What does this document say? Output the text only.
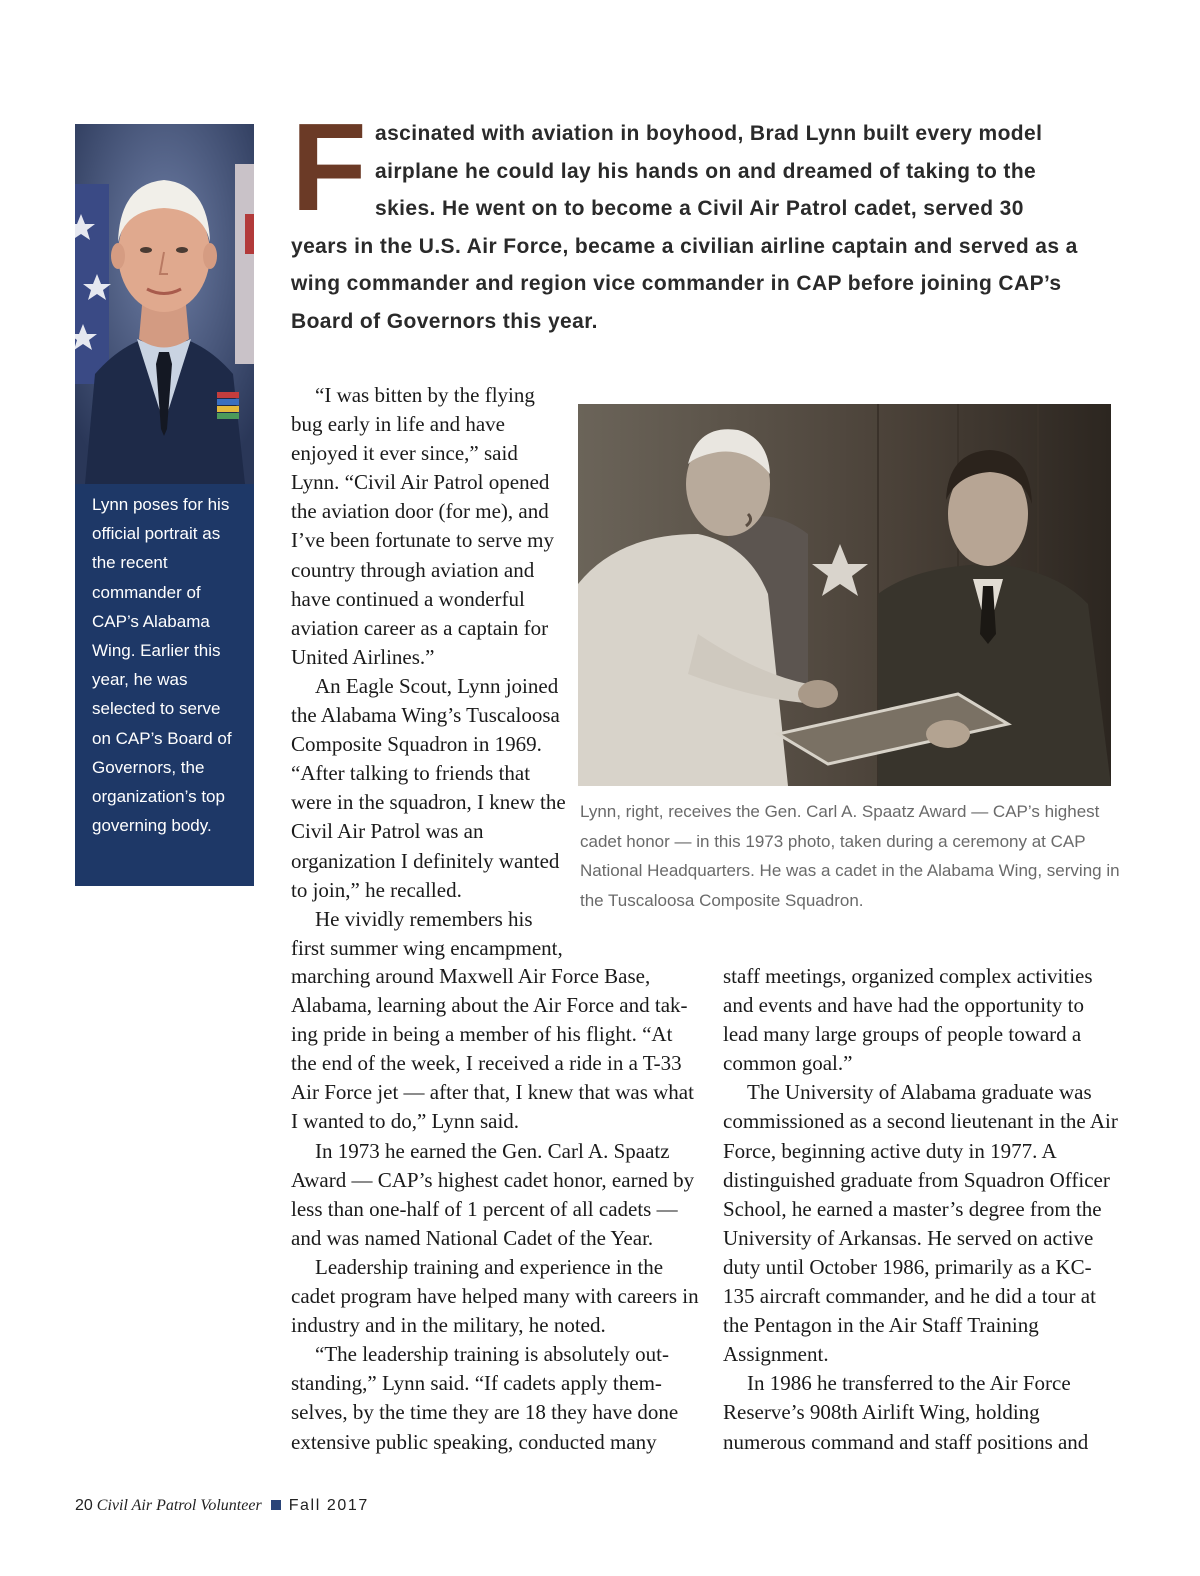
Lynn poses for his official portrait as the recent commander of CAP’s Alabama Wing. Earlier this year, he was selected to serve on CAP’s Board of Governors, the organization’s top governing body.

F ascinated with aviation in boyhood, Brad Lynn built every model
airplane he could lay his hands on and dreamed of taking to the
skies. He went on to become a Civil Air Patrol cadet, served 30
years in the U.S. Air Force, became a civilian airline captain and served as a
wing commander and region vice commander in CAP before joining CAP’s
Board of Governors this year.

“I was bitten by the flying bug early in life and have enjoyed it ever since,” said Lynn. “Civil Air Patrol opened the aviation door (for me), and I’ve been fortunate to serve my country through aviation and have continued a wonderful aviation career as a captain for United Airlines.”

An Eagle Scout, Lynn joined the Alabama Wing’s Tuscaloosa Composite Squadron in 1969. “After talking to friends that were in the squadron, I knew the Civil Air Patrol was an organization I definitely wanted to join,” he recalled.

He vividly remembers his first summer wing encampment,

marching around Maxwell Air Force Base, Alabama, learning about the Air Force and tak-ing pride in being a member of his flight. “At the end of the week, I received a ride in a T-33 Air Force jet — after that, I knew that was what I wanted to do,” Lynn said.

In 1973 he earned the Gen. Carl A. Spaatz Award — CAP’s highest cadet honor, earned by less than one-half of 1 percent of all cadets — and was named National Cadet of the Year.

Leadership training and experience in the cadet program have helped many with careers in industry and in the military, he noted.

“The leadership training is absolutely out-standing,” Lynn said. “If cadets apply them-selves, by the time they are 18 they have done extensive public speaking, conducted many

staff meetings, organized complex activities and events and have had the opportunity to lead many large groups of people toward a common goal.”

The University of Alabama graduate was commissioned as a second lieutenant in the Air Force, beginning active duty in 1977. A distinguished graduate from Squadron Officer School, he earned a master’s degree from the University of Arkansas. He served on active duty until October 1986, primarily as a KC-135 aircraft commander, and he did a tour at the Pentagon in the Air Staff Training Assignment.

In 1986 he transferred to the Air Force Reserve’s 908th Airlift Wing, holding numerous command and staff positions and

Lynn, right, receives the Gen. Carl A. Spaatz Award — CAP’s highest cadet honor — in this 1973 photo, taken during a ceremony at CAP National Headquarters. He was a cadet in the Alabama Wing, serving in the Tuscaloosa Composite Squadron.
20 Civil Air Patrol Volunteer Fall 2017
